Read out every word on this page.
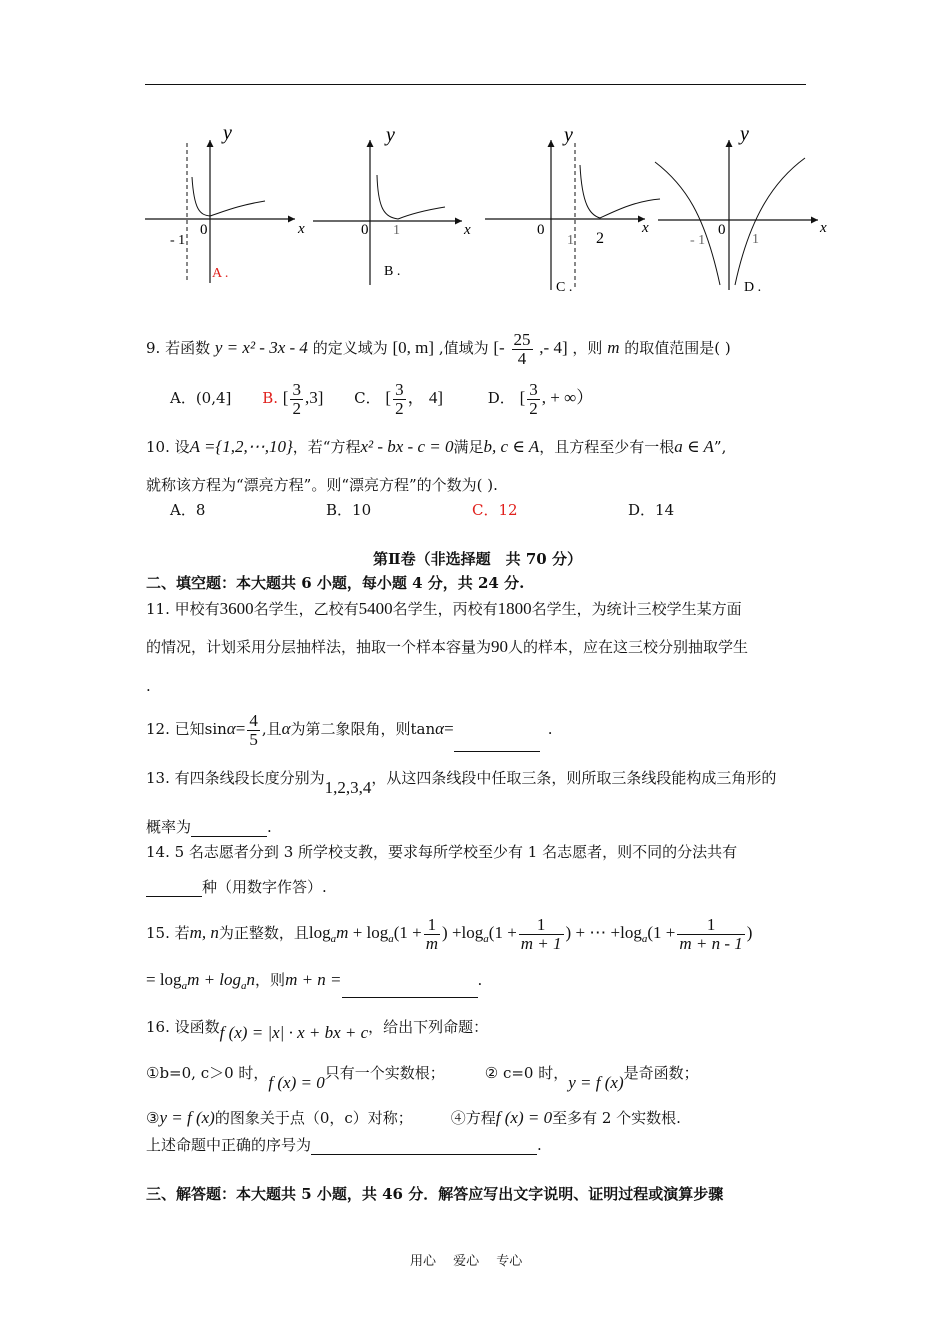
y
x
0
- 1
A .
y
x
0 1
B .
y
x
0
1 2
C .
y
x
0
- 1	1
D .
9. 若函数 y = x² - 3x - 4 的定义域为 [0, m] ,值域为 [- $\frac{25}{4}$ ,- 4] ，则 m 的取值范围是( )
A．(0,4] B. [ $\frac{3}{2} ,3$] C． [ $\frac{3}{2}$ ， 4]	D． [ $\frac{3}{2}$ , + ∞）
10. 设A ={1,2,⋯,10}，若“方程x² - bx - c = 0满足b, c ∈ A，且方程至少有一根a ∈ A”,
就称该方程为“漂亮方程”。则“漂亮方程”的个数为( ).
A．8	B．10	C．12	D．14
第Ⅱ卷（非选择题　共 70 分）
二、填空题：本大题共 6 小题，每小题 4 分，共 24 分.
11. 甲校有3600名学生，乙校有5400名学生，丙校有1800名学生，为统计三校学生某方面
的情况，计划采用分层抽样法，抽取一个样本容量为90人的样本，应在这三校分别抽取学生
.
12. 已知$\sin\alpha= \frac{4}{5}$ ,且α为第二象限角，则tanα=	.
13. 有四条线段长度分别为1,2,3,4，从这四条线段中任取三条，则所取三条线段能构成三角形的
概率为	.
14. 5 名志愿者分到 3 所学校支教，要求每所学校至少有 1 名志愿者，则不同的分法共有
种（用数字作答）.
15. 若m, n为正整数，且$\log_am + \log_a(1 + \frac{1}{m}$ ) $+\log_a(1 + \frac{1}{m + 1}$ ) + ⋯ $+\log_a(1 + \frac{1}{m + n - 1}$ )
= $\log_am + \log_an$，则m + n =	.
16. 设函数f (x) = |x| · x + bx + c，给出下列命题：
①b=0, c＞0 时，f (x) = 0只有一个实数根；	② c=0 时，y = f (x)是奇函数；
③y = f (x)的图象关于点（0，c）对称；	④方程f (x) = 0至多有 2 个实数根.
上述命题中正确的序号为	.
三、解答题：本大题共 5 小题，共 46 分．解答应写出文字说明、证明过程或演算步骤
用心　 爱心　 专心
